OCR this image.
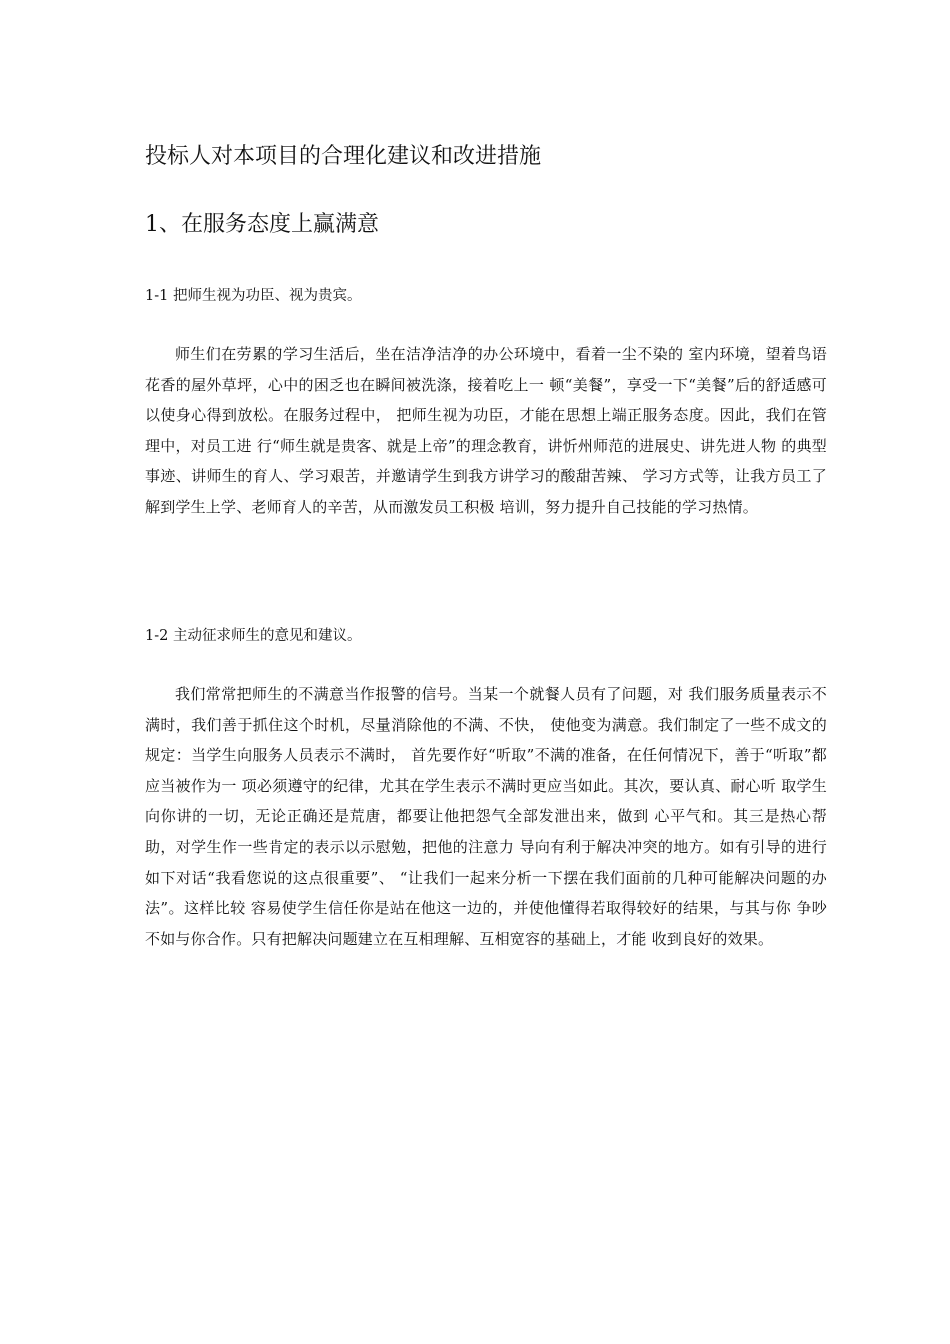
投标人对本项目的合理化建议和改进措施
1、在服务态度上赢满意

1-1 把师生视为功臣、视为贵宾。

师生们在劳累的学习生活后，坐在洁净洁净的办公环境中，看着一尘不染的 室内环境，望着鸟语花香的屋外草坪，心中的困乏也在瞬间被洗涤，接着吃上一 顿“美餐”，享受一下“美餐”后的舒适感可以使身心得到放松。在服务过程中， 把师生视为功臣，才能在思想上端正服务态度。因此，我们在管理中，对员工进 行“师生就是贵客、就是上帝”的理念教育，讲忻州师范的进展史、讲先进人物 的典型事迹、讲师生的育人、学习艰苦，并邀请学生到我方讲学习的酸甜苦辣、 学习方式等，让我方员工了解到学生上学、老师育人的辛苦，从而激发员工积极 培训，努力提升自己技能的学习热情。

1-2 主动征求师生的意见和建议。

我们常常把师生的不满意当作报警的信号。当某一个就餐人员有了问题，对 我们服务质量表示不满时，我们善于抓住这个时机，尽量消除他的不满、不快， 使他变为满意。我们制定了一些不成文的规定：当学生向服务人员表示不满时， 首先要作好“听取”不满的准备，在任何情况下，善于“听取”都应当被作为一 项必须遵守的纪律，尤其在学生表示不满时更应当如此。其次，要认真、耐心听 取学生向你讲的一切，无论正确还是荒唐，都要让他把怨气全部发泄出来，做到 心平气和。其三是热心帮助，对学生作一些肯定的表示以示慰勉，把他的注意力 导向有利于解决冲突的地方。如有引导的进行如下对话“我看您说的这点很重要”、 “让我们一起来分析一下摆在我们面前的几种可能解决问题的办法”。这样比较 容易使学生信任你是站在他这一边的，并使他懂得若取得较好的结果，与其与你 争吵不如与你合作。只有把解决问题建立在互相理解、互相宽容的基础上，才能 收到良好的效果。
